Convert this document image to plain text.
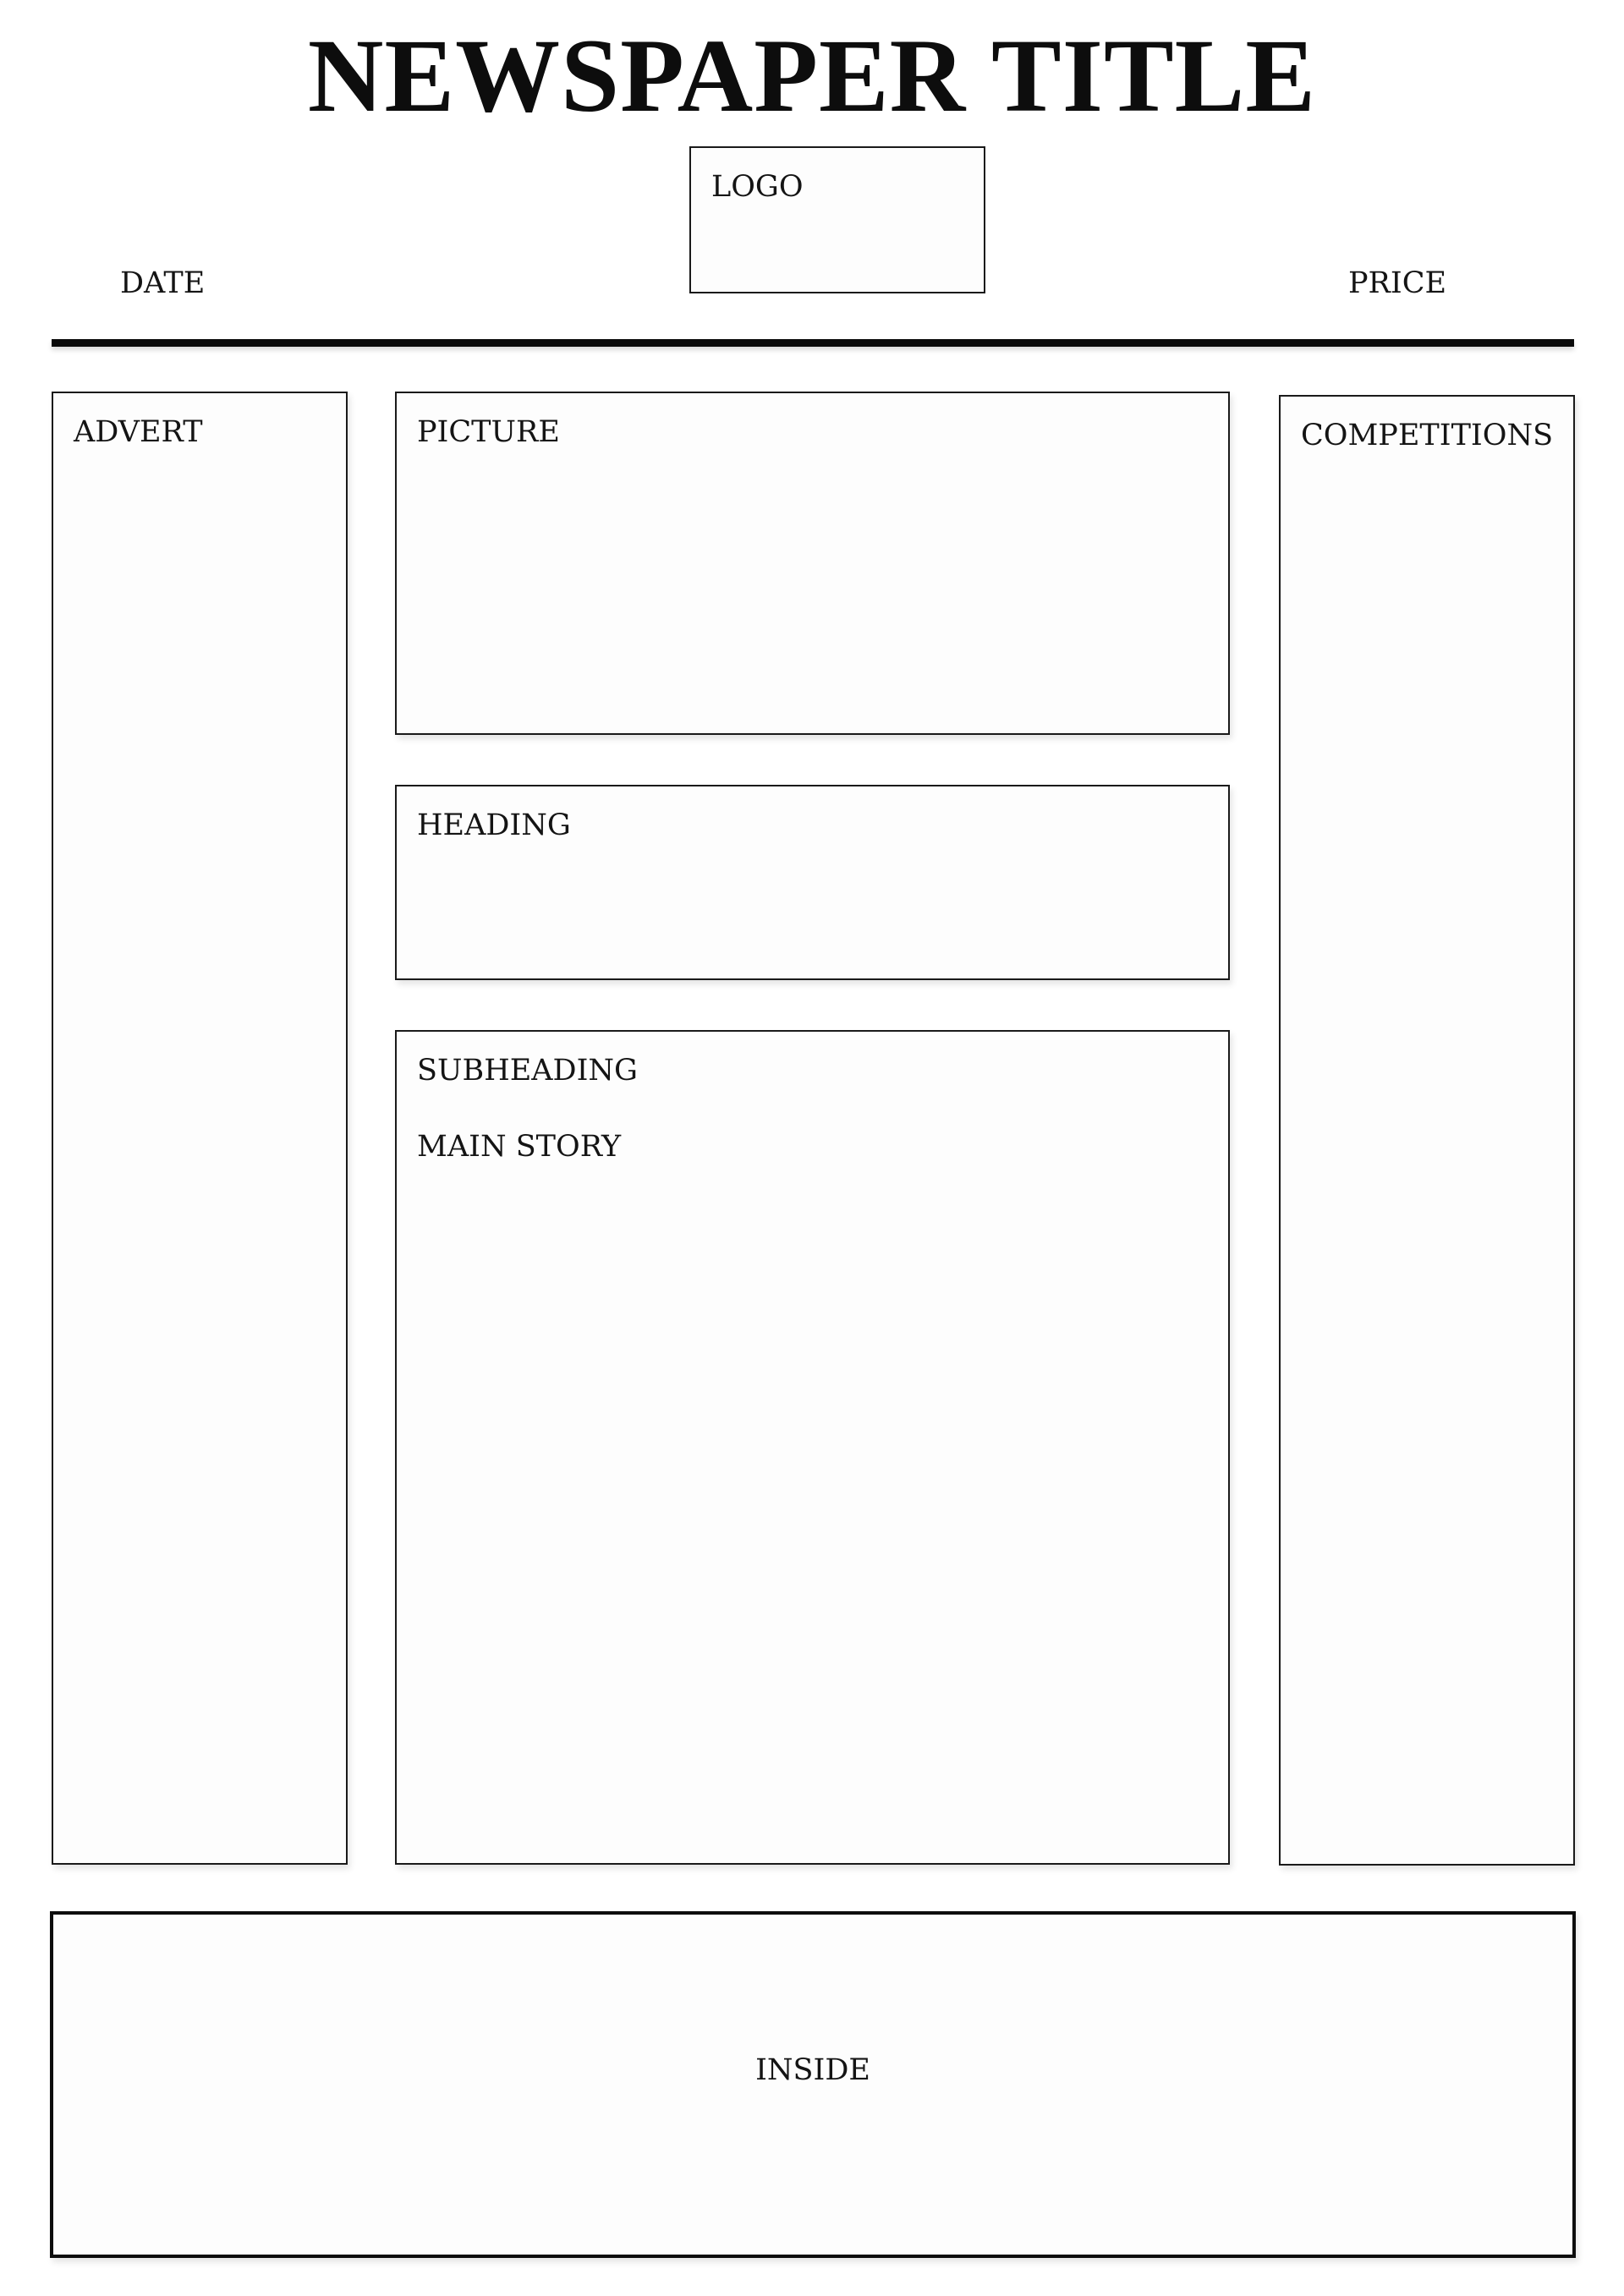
NEWSPAPER TITLE
LOGO
DATE	PRICE
ADVERT	PICTURE
HEADING
SUBHEADING
MAIN STORY
COMPETITIONS
INSIDE
